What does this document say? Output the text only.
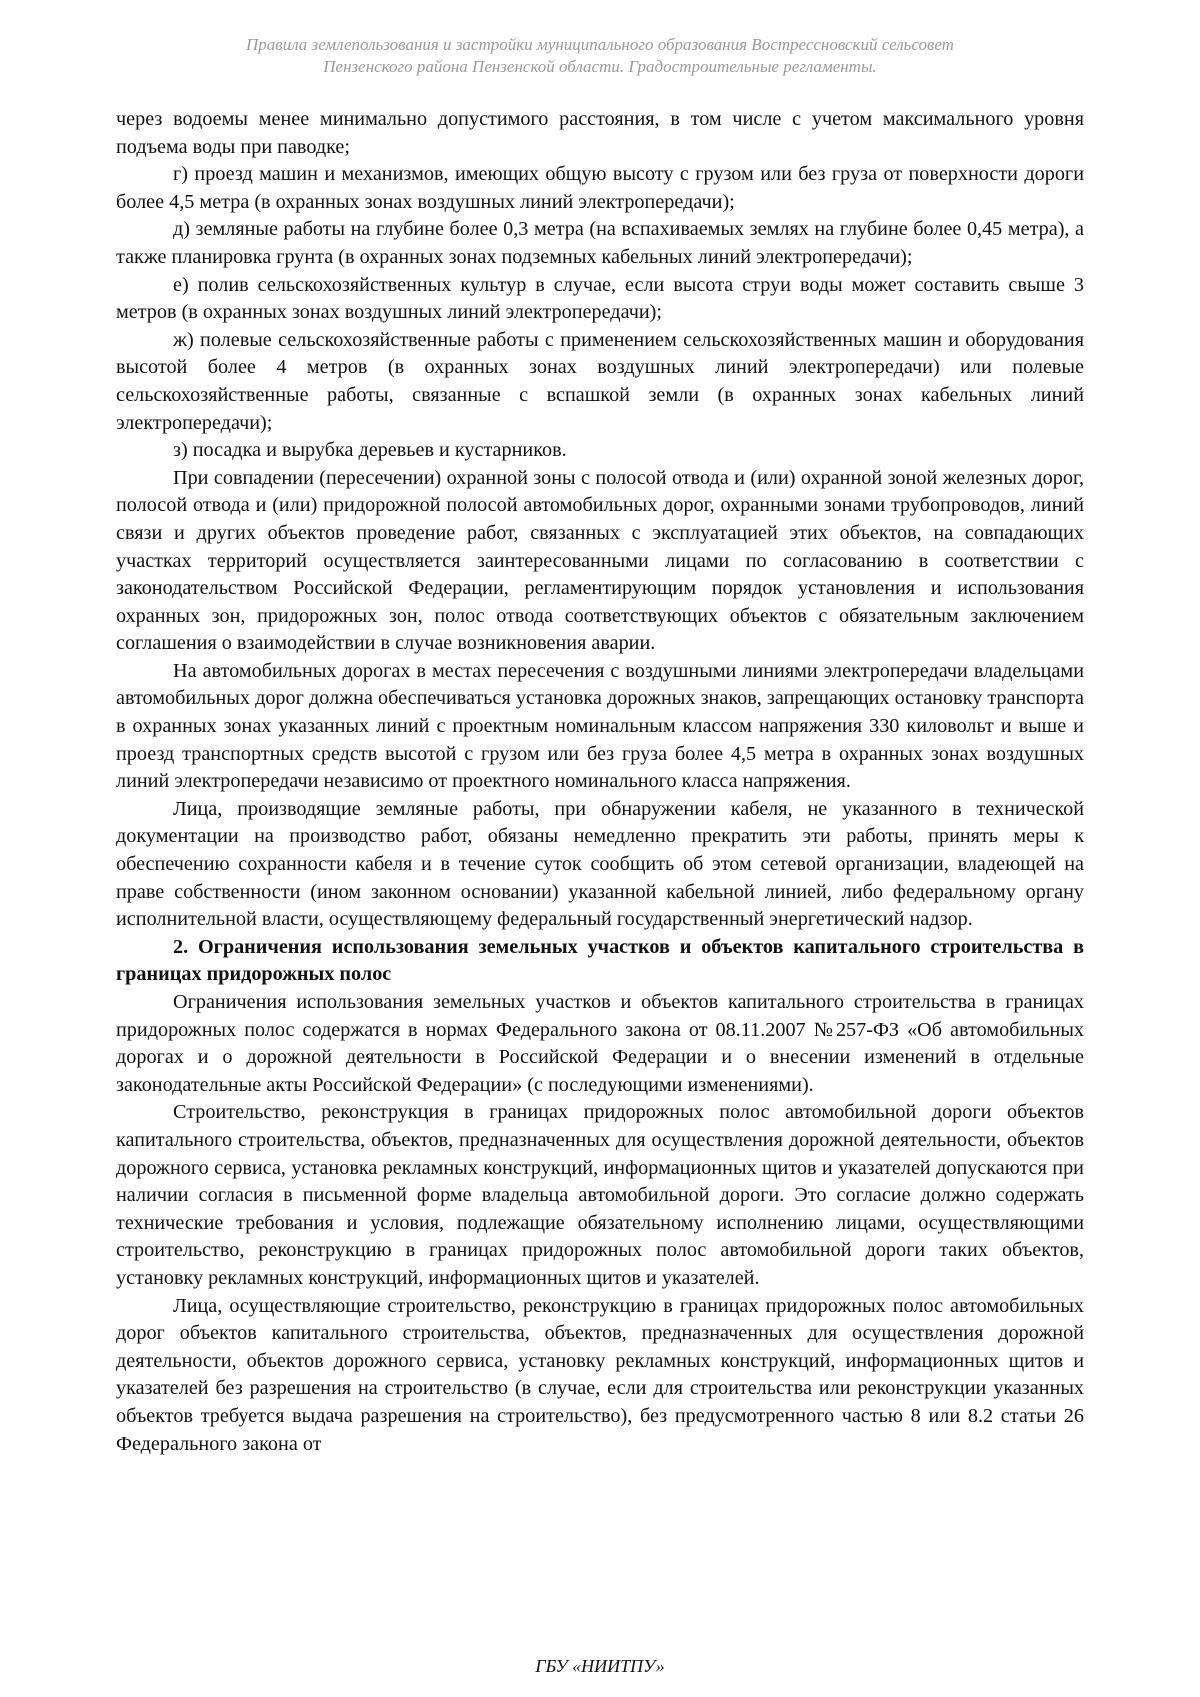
Правила землепользования и застройки муниципального образования Вострессновский сельсовет
Пензенского района Пензенской области. Градостроительные регламенты.

через водоемы менее минимально допустимого расстояния, в том числе с учетом максимального уровня подъема воды при паводке;

г) проезд машин и механизмов, имеющих общую высоту с грузом или без груза от поверхности дороги более 4,5 метра (в охранных зонах воздушных линий электропередачи);

д) земляные работы на глубине более 0,3 метра (на вспахиваемых землях на глубине более 0,45 метра), а также планировка грунта (в охранных зонах подземных кабельных линий электропередачи);

е) полив сельскохозяйственных культур в случае, если высота струи воды может составить свыше 3 метров (в охранных зонах воздушных линий электропередачи);

ж) полевые сельскохозяйственные работы с применением сельскохозяйственных машин и оборудования высотой более 4 метров (в охранных зонах воздушных линий электропередачи) или полевые сельскохозяйственные работы, связанные с вспашкой земли (в охранных зонах кабельных линий электропередачи);

з) посадка и вырубка деревьев и кустарников.

При совпадении (пересечении) охранной зоны с полосой отвода и (или) охранной зоной железных дорог, полосой отвода и (или) придорожной полосой автомобильных дорог, охранными зонами трубопроводов, линий связи и других объектов проведение работ, связанных с эксплуатацией этих объектов, на совпадающих участках территорий осуществляется заинтересованными лицами по согласованию в соответствии с законодательством Российской Федерации, регламентирующим порядок установления и использования охранных зон, придорожных зон, полос отвода соответствующих объектов с обязательным заключением соглашения о взаимодействии в случае возникновения аварии.

На автомобильных дорогах в местах пересечения с воздушными линиями электропередачи владельцами автомобильных дорог должна обеспечиваться установка дорожных знаков, запрещающих остановку транспорта в охранных зонах указанных линий с проектным номинальным классом напряжения 330 киловольт и выше и проезд транспортных средств высотой с грузом или без груза более 4,5 метра в охранных зонах воздушных линий электропередачи независимо от проектного номинального класса напряжения.

Лица, производящие земляные работы, при обнаружении кабеля, не указанного в технической документации на производство работ, обязаны немедленно прекратить эти работы, принять меры к обеспечению сохранности кабеля и в течение суток сообщить об этом сетевой организации, владеющей на праве собственности (ином законном основании) указанной кабельной линией, либо федеральному органу исполнительной власти, осуществляющему федеральный государственный энергетический надзор.

2. Ограничения использования земельных участков и объектов капитального строительства в границах придорожных полос

Ограничения использования земельных участков и объектов капитального строительства в границах придорожных полос содержатся в нормах Федерального закона от 08.11.2007 №257-ФЗ «Об автомобильных дорогах и о дорожной деятельности в Российской Федерации и о внесении изменений в отдельные законодательные акты Российской Федерации» (с последующими изменениями).

Строительство, реконструкция в границах придорожных полос автомобильной дороги объектов капитального строительства, объектов, предназначенных для осуществления дорожной деятельности, объектов дорожного сервиса, установка рекламных конструкций, информационных щитов и указателей допускаются при наличии согласия в письменной форме владельца автомобильной дороги. Это согласие должно содержать технические требования и условия, подлежащие обязательному исполнению лицами, осуществляющими строительство, реконструкцию в границах придорожных полос автомобильной дороги таких объектов, установку рекламных конструкций, информационных щитов и указателей.

Лица, осуществляющие строительство, реконструкцию в границах придорожных полос автомобильных дорог объектов капитального строительства, объектов, предназначенных для осуществления дорожной деятельности, объектов дорожного сервиса, установку рекламных конструкций, информационных щитов и указателей без разрешения на строительство (в случае, если для строительства или реконструкции указанных объектов требуется выдача разрешения на строительство), без предусмотренного частью 8 или 8.2 статьи 26 Федерального закона от

ГБУ «НИИТПУ»
